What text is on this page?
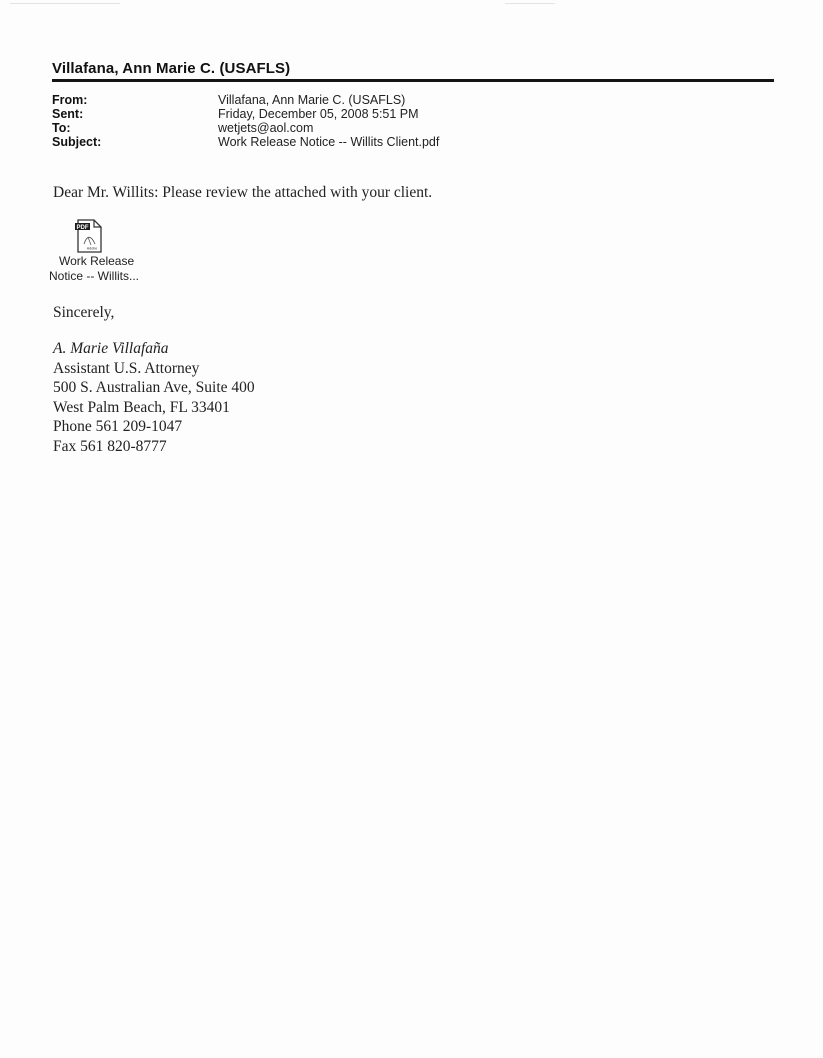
Villafana, Ann Marie C. (USAFLS)
From:	Villafana, Ann Marie C. (USAFLS)
Sent:	Friday, December 05, 2008 5:51 PM
To:	wetjets@aol.com
Subject:	Work Release Notice -- Willits Client.pdf
Dear Mr. Willits: Please review the attached with your client.
PDF
Adobe
Work Release
Notice -- Willits...
Sincerely,
A. Marie Villafaña
Assistant U.S. Attorney
500 S. Australian Ave, Suite 400
West Palm Beach, FL 33401
Phone 561 209-1047
Fax 561 820-8777
